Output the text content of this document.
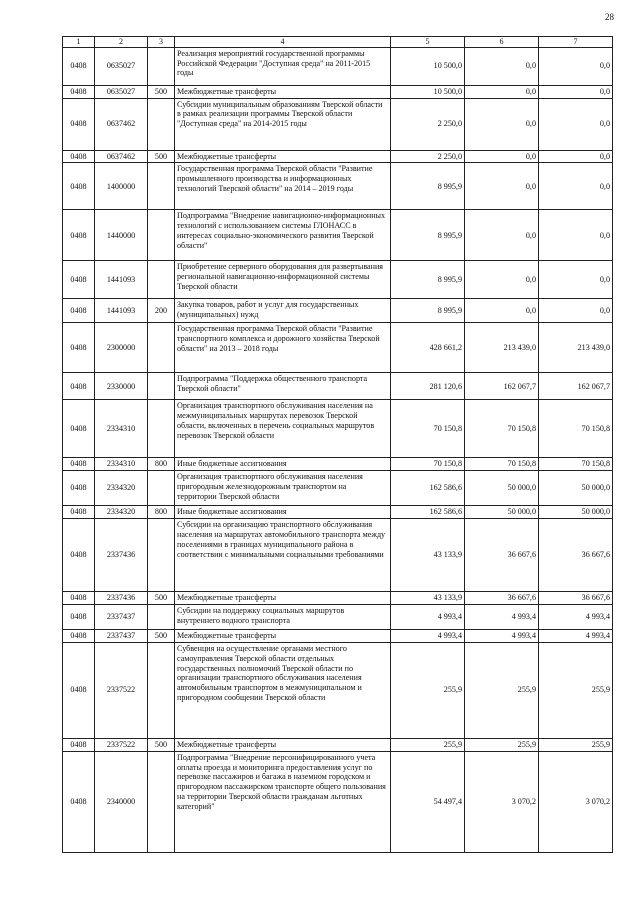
28
1	2	3	4	5	6	7
0408	0635027		Реализация мероприятий государственной программы Российской Федерации "Доступная среда" на 2011-2015 годы	10 500,0	0,0	0,0
0408	0635027	500	Межбюджетные трансферты	10 500,0	0,0	0,0
0408	0637462		Субсидии муниципальным образованиям Тверской области в рамках реализации программы Тверской области "Доступная среда" на 2014-2015 годы	2 250,0	0,0	0,0
0408	0637462	500	Межбюджетные трансферты	2 250,0	0,0	0,0
0408	1400000		Государственная программа Тверской области "Развитие промышленного производства и информационных технологий Тверской области" на 2014 – 2019 годы	8 995,9	0,0	0,0
0408	1440000		Подпрограмма "Внедрение навигационно-информационных технологий с использованием системы ГЛОНАСС в интересах социально-экономического развития Тверской области"	8 995,9	0,0	0,0
0408	1441093		Приобретение серверного оборудования для развертывания региональной навигационно-информационной системы Тверской области	8 995,9	0,0	0,0
0408	1441093	200	Закупка товаров, работ и услуг для государственных (муниципальных) нужд	8 995,9	0,0	0,0
0408	2300000		Государственная программа Тверской области "Развитие транспортного комплекса и дорожного хозяйства Тверской области" на 2013 – 2018 годы	428 661,2	213 439,0	213 439,0
0408	2330000		Подпрограмма "Поддержка общественного транспорта Тверской области"	281 120,6	162 067,7	162 067,7
0408	2334310		Организация транспортного обслуживания населения на межмуниципальных маршрутах перевозок Тверской области, включенных в перечень социальных маршрутов перевозок Тверской области	70 150,8	70 150,8	70 150,8
0408	2334310	800	Иные бюджетные ассигнования	70 150,8	70 150,8	70 150,8
0408	2334320		Организация транспортного обслуживания населения пригородным железнодорожным транспортом на территории Тверской области	162 586,6	50 000,0	50 000,0
0408	2334320	800	Иные бюджетные ассигнования	162 586,6	50 000,0	50 000,0
0408	2337436		Субсидии на организацию транспортного обслуживания населения на маршрутах автомобильного транспорта между поселениями в границах муниципального района в соответствии с минимальными социальными требованиями	43 133,9	36 667,6	36 667,6
0408	2337436	500	Межбюджетные трансферты	43 133,9	36 667,6	36 667,6
0408	2337437		Субсидии на поддержку социальных маршрутов внутреннего водного транспорта	4 993,4	4 993,4	4 993,4
0408	2337437	500	Межбюджетные трансферты	4 993,4	4 993,4	4 993,4
0408	2337522		Субвенция на осуществление органами местного самоуправления Тверской области отдельных государственных полномочий Тверской области по организации транспортного обслуживания населения автомобильным транспортом в межмуниципальном и пригородном сообщении Тверской области	255,9	255,9	255,9
0408	2337522	500	Межбюджетные трансферты	255,9	255,9	255,9
0408	2340000		Подпрограмма "Внедрение персонифицированного учета оплаты проезда и мониторинга предоставления услуг по перевозке пассажиров и багажа в наземном городском и пригородном пассажирском транспорте общего пользования на территории Тверской области гражданам льготных категорий"	54 497,4	3 070,2	3 070,2
